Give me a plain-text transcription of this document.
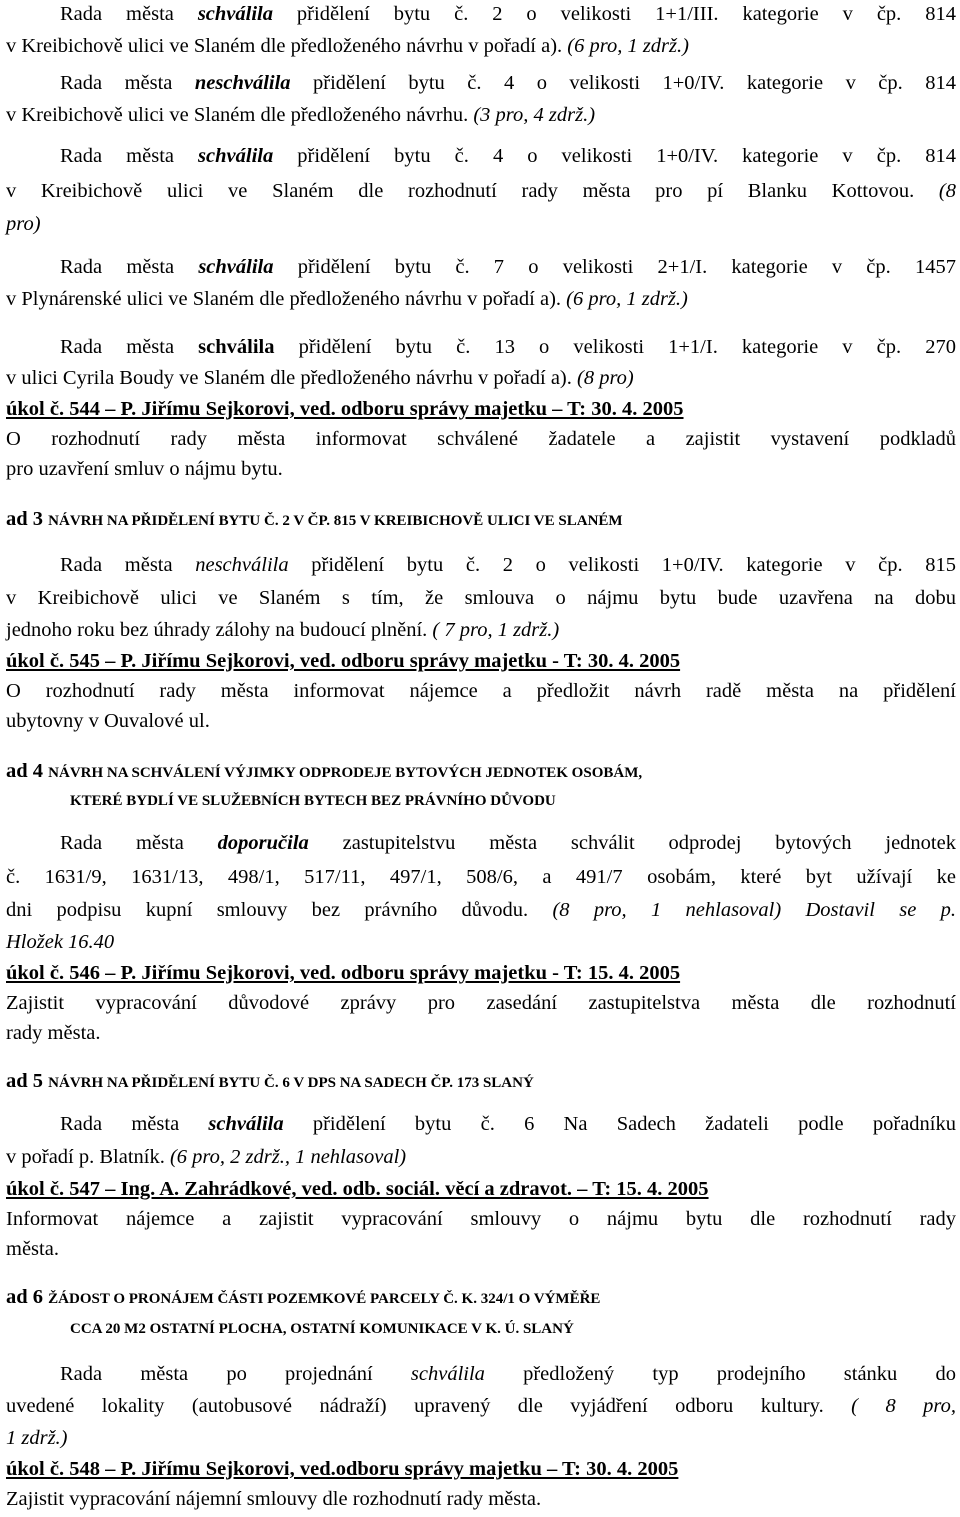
Rada města schválila přidělení bytu č. 2 o velikosti 1+1/III. kategorie v čp. 814
v Kreibichově ulici ve Slaném dle předloženého návrhu v pořadí a). (6 pro, 1 zdrž.)
Rada města neschválila přidělení bytu č. 4 o velikosti 1+0/IV. kategorie v čp. 814
v Kreibichově ulici ve Slaném dle předloženého návrhu. (3 pro, 4 zdrž.)
Rada města schválila přidělení bytu č. 4 o velikosti 1+0/IV. kategorie v čp. 814
v Kreibichově ulici ve Slaném dle rozhodnutí rady města pro pí Blanku Kottovou. (8
pro)
Rada města schválila přidělení bytu č. 7 o velikosti 2+1/I. kategorie v čp. 1457
v Plynárenské ulici ve Slaném dle předloženého návrhu v pořadí a). (6 pro, 1 zdrž.)
Rada města schválila přidělení bytu č. 13 o velikosti 1+1/I. kategorie v čp. 270
v ulici Cyrila Boudy ve Slaném dle předloženého návrhu v pořadí a). (8 pro)
úkol č. 544 – P. Jiřímu Sejkorovi, ved. odboru správy majetku – T: 30. 4. 2005
O rozhodnutí rady města informovat schválené žadatele a zajistit vystavení podkladů
pro uzavření smluv o nájmu bytu.
ad 3 NÁVRH NA PŘIDĚLENÍ BYTU Č. 2 V ČP. 815 V KREIBICHOVĚ ULICI VE SLANÉM
Rada města neschválila přidělení bytu č. 2 o velikosti 1+0/IV. kategorie v čp. 815
v Kreibichově ulici ve Slaném s tím, že smlouva o nájmu bytu bude uzavřena na dobu
jednoho roku bez úhrady zálohy na budoucí plnění. ( 7 pro, 1 zdrž.)
úkol č. 545 – P. Jiřímu Sejkorovi, ved. odboru správy majetku - T: 30. 4. 2005
O rozhodnutí rady města informovat nájemce a předložit návrh radě města na přidělení
ubytovny v Ouvalové ul.
ad 4 NÁVRH NA SCHVÁLENÍ VÝJIMKY ODPRODEJE BYTOVÝCH JEDNOTEK OSOBÁM,
KTERÉ BYDLÍ VE SLUŽEBNÍCH BYTECH BEZ PRÁVNÍHO DŮVODU
Rada města doporučila zastupitelstvu města schválit odprodej bytových jednotek
č. 1631/9, 1631/13, 498/1, 517/11, 497/1, 508/6, a 491/7 osobám, které byt užívají ke
dni podpisu kupní smlouvy bez právního důvodu. (8 pro, 1 nehlasoval) Dostavil se p.
Hložek 16.40
úkol č. 546 – P. Jiřímu Sejkorovi, ved. odboru správy majetku - T: 15. 4. 2005
Zajistit vypracování důvodové zprávy pro zasedání zastupitelstva města dle rozhodnutí
rady města.
ad 5 NÁVRH NA PŘIDĚLENÍ BYTU Č. 6 V DPS NA SADECH ČP. 173 SLANÝ
Rada města schválila přidělení bytu č. 6 Na Sadech žadateli podle pořadníku
v pořadí p. Blatník. (6 pro, 2 zdrž., 1 nehlasoval)
úkol č. 547 – Ing. A. Zahrádkové, ved. odb. sociál. věcí a zdravot. – T: 15. 4. 2005
Informovat nájemce a zajistit vypracování smlouvy o nájmu bytu dle rozhodnutí rady
města.
ad 6 ŽÁDOST O PRONÁJEM ČÁSTI POZEMKOVÉ PARCELY Č. K. 324/1 O VÝMĚŘE
CCA 20 M2 OSTATNÍ PLOCHA, OSTATNÍ KOMUNIKACE V K. Ú. SLANÝ
Rada města po projednání schválila předložený typ prodejního stánku do
uvedené lokality (autobusové nádraží) upravený dle vyjádření odboru kultury. ( 8 pro,
1 zdrž.)
úkol č. 548 – P. Jiřímu Sejkorovi, ved.odboru správy majetku – T: 30. 4. 2005
Zajistit vypracování nájemní smlouvy dle rozhodnutí rady města.
